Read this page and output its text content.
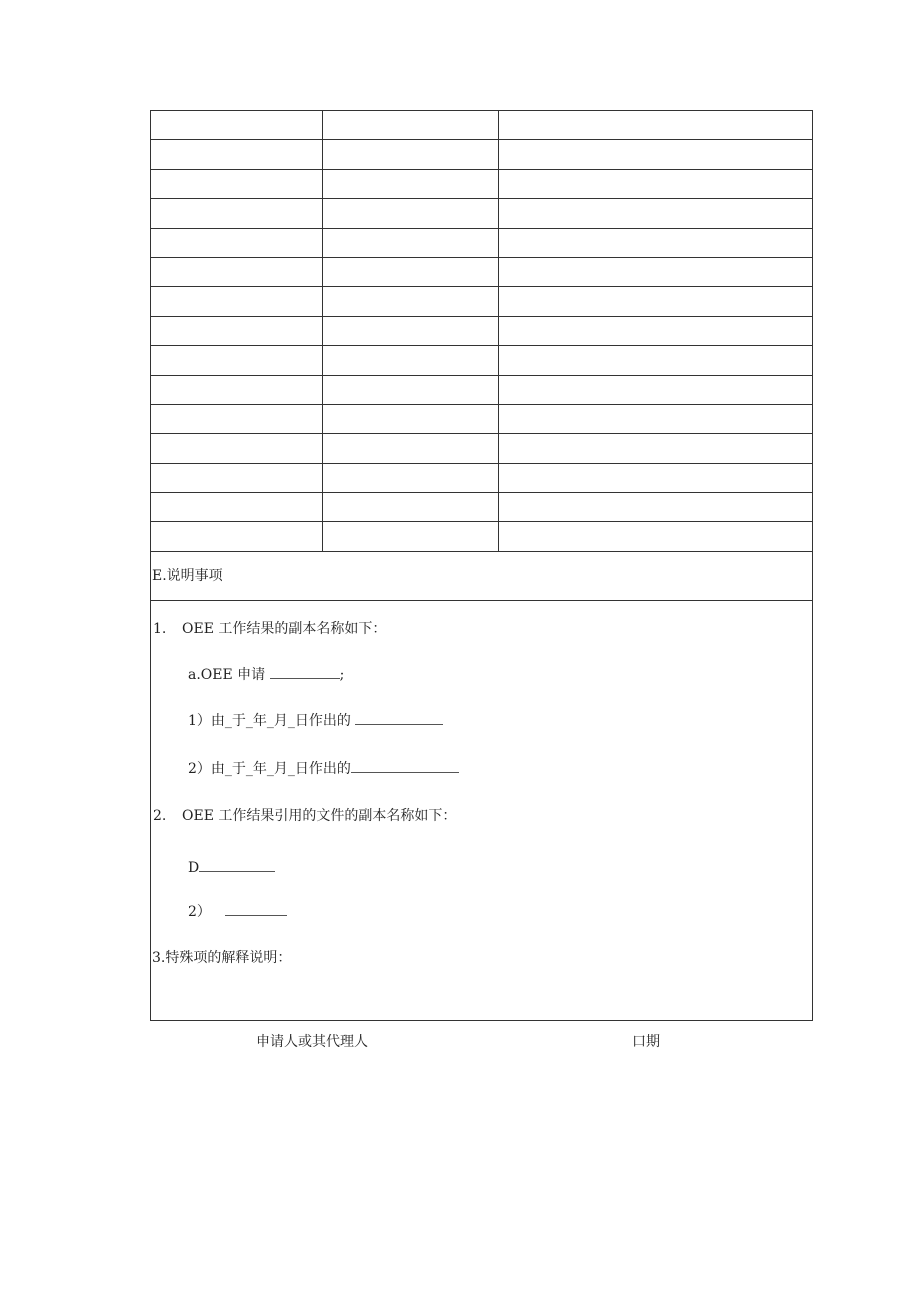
E.说明事项
1. OEE 工作结果的副本名称如下：
a.OEE 申请	;
1）由_于_年_月_日作出的
2）由_于_年_月_日作出的
2. OEE 工作结果引用的文件的副本名称如下：
D
2）
3.特殊项的解释说明：
申请人或其代理人	口期
